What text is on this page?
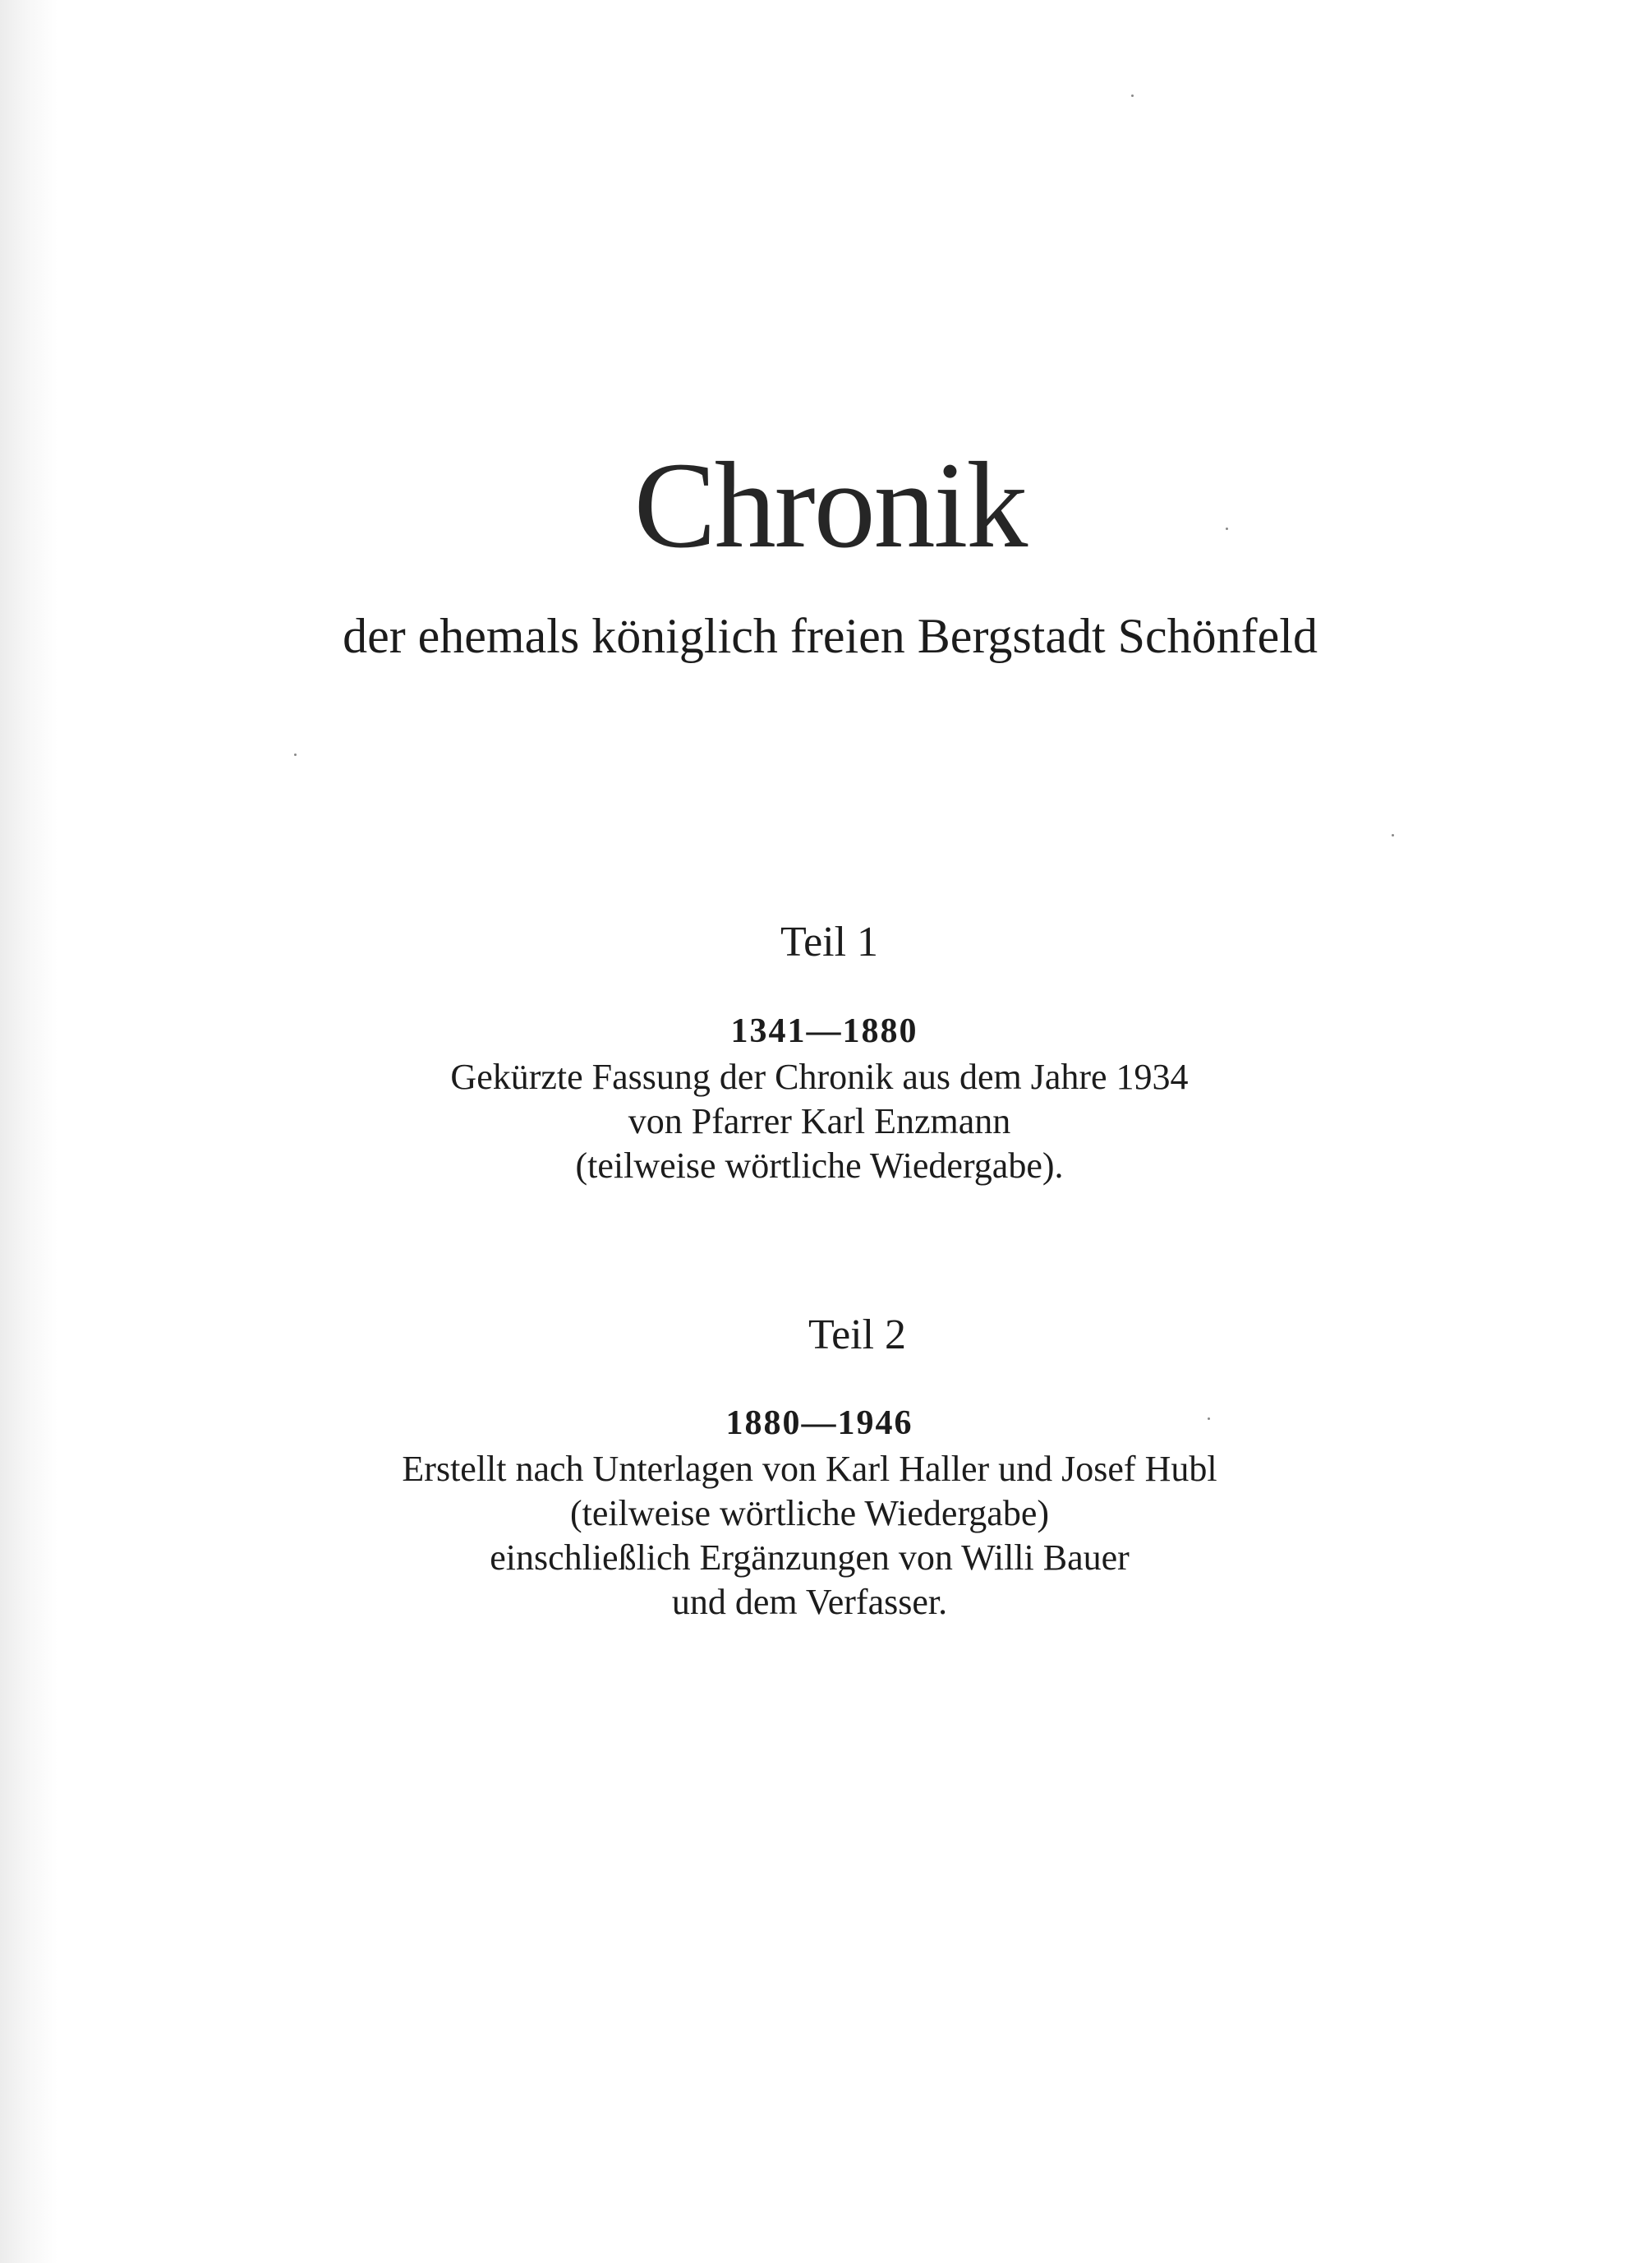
Chronik
der ehemals königlich freien Bergstadt Schönfeld
Teil 1
1341—1880
Gekürzte Fassung der Chronik aus dem Jahre 1934
von Pfarrer Karl Enzmann
(teilweise wörtliche Wiedergabe).
Teil 2
1880—1946
Erstellt nach Unterlagen von Karl Haller und Josef Hubl
(teilweise wörtliche Wiedergabe)
einschließlich Ergänzungen von Willi Bauer
und dem Verfasser.
